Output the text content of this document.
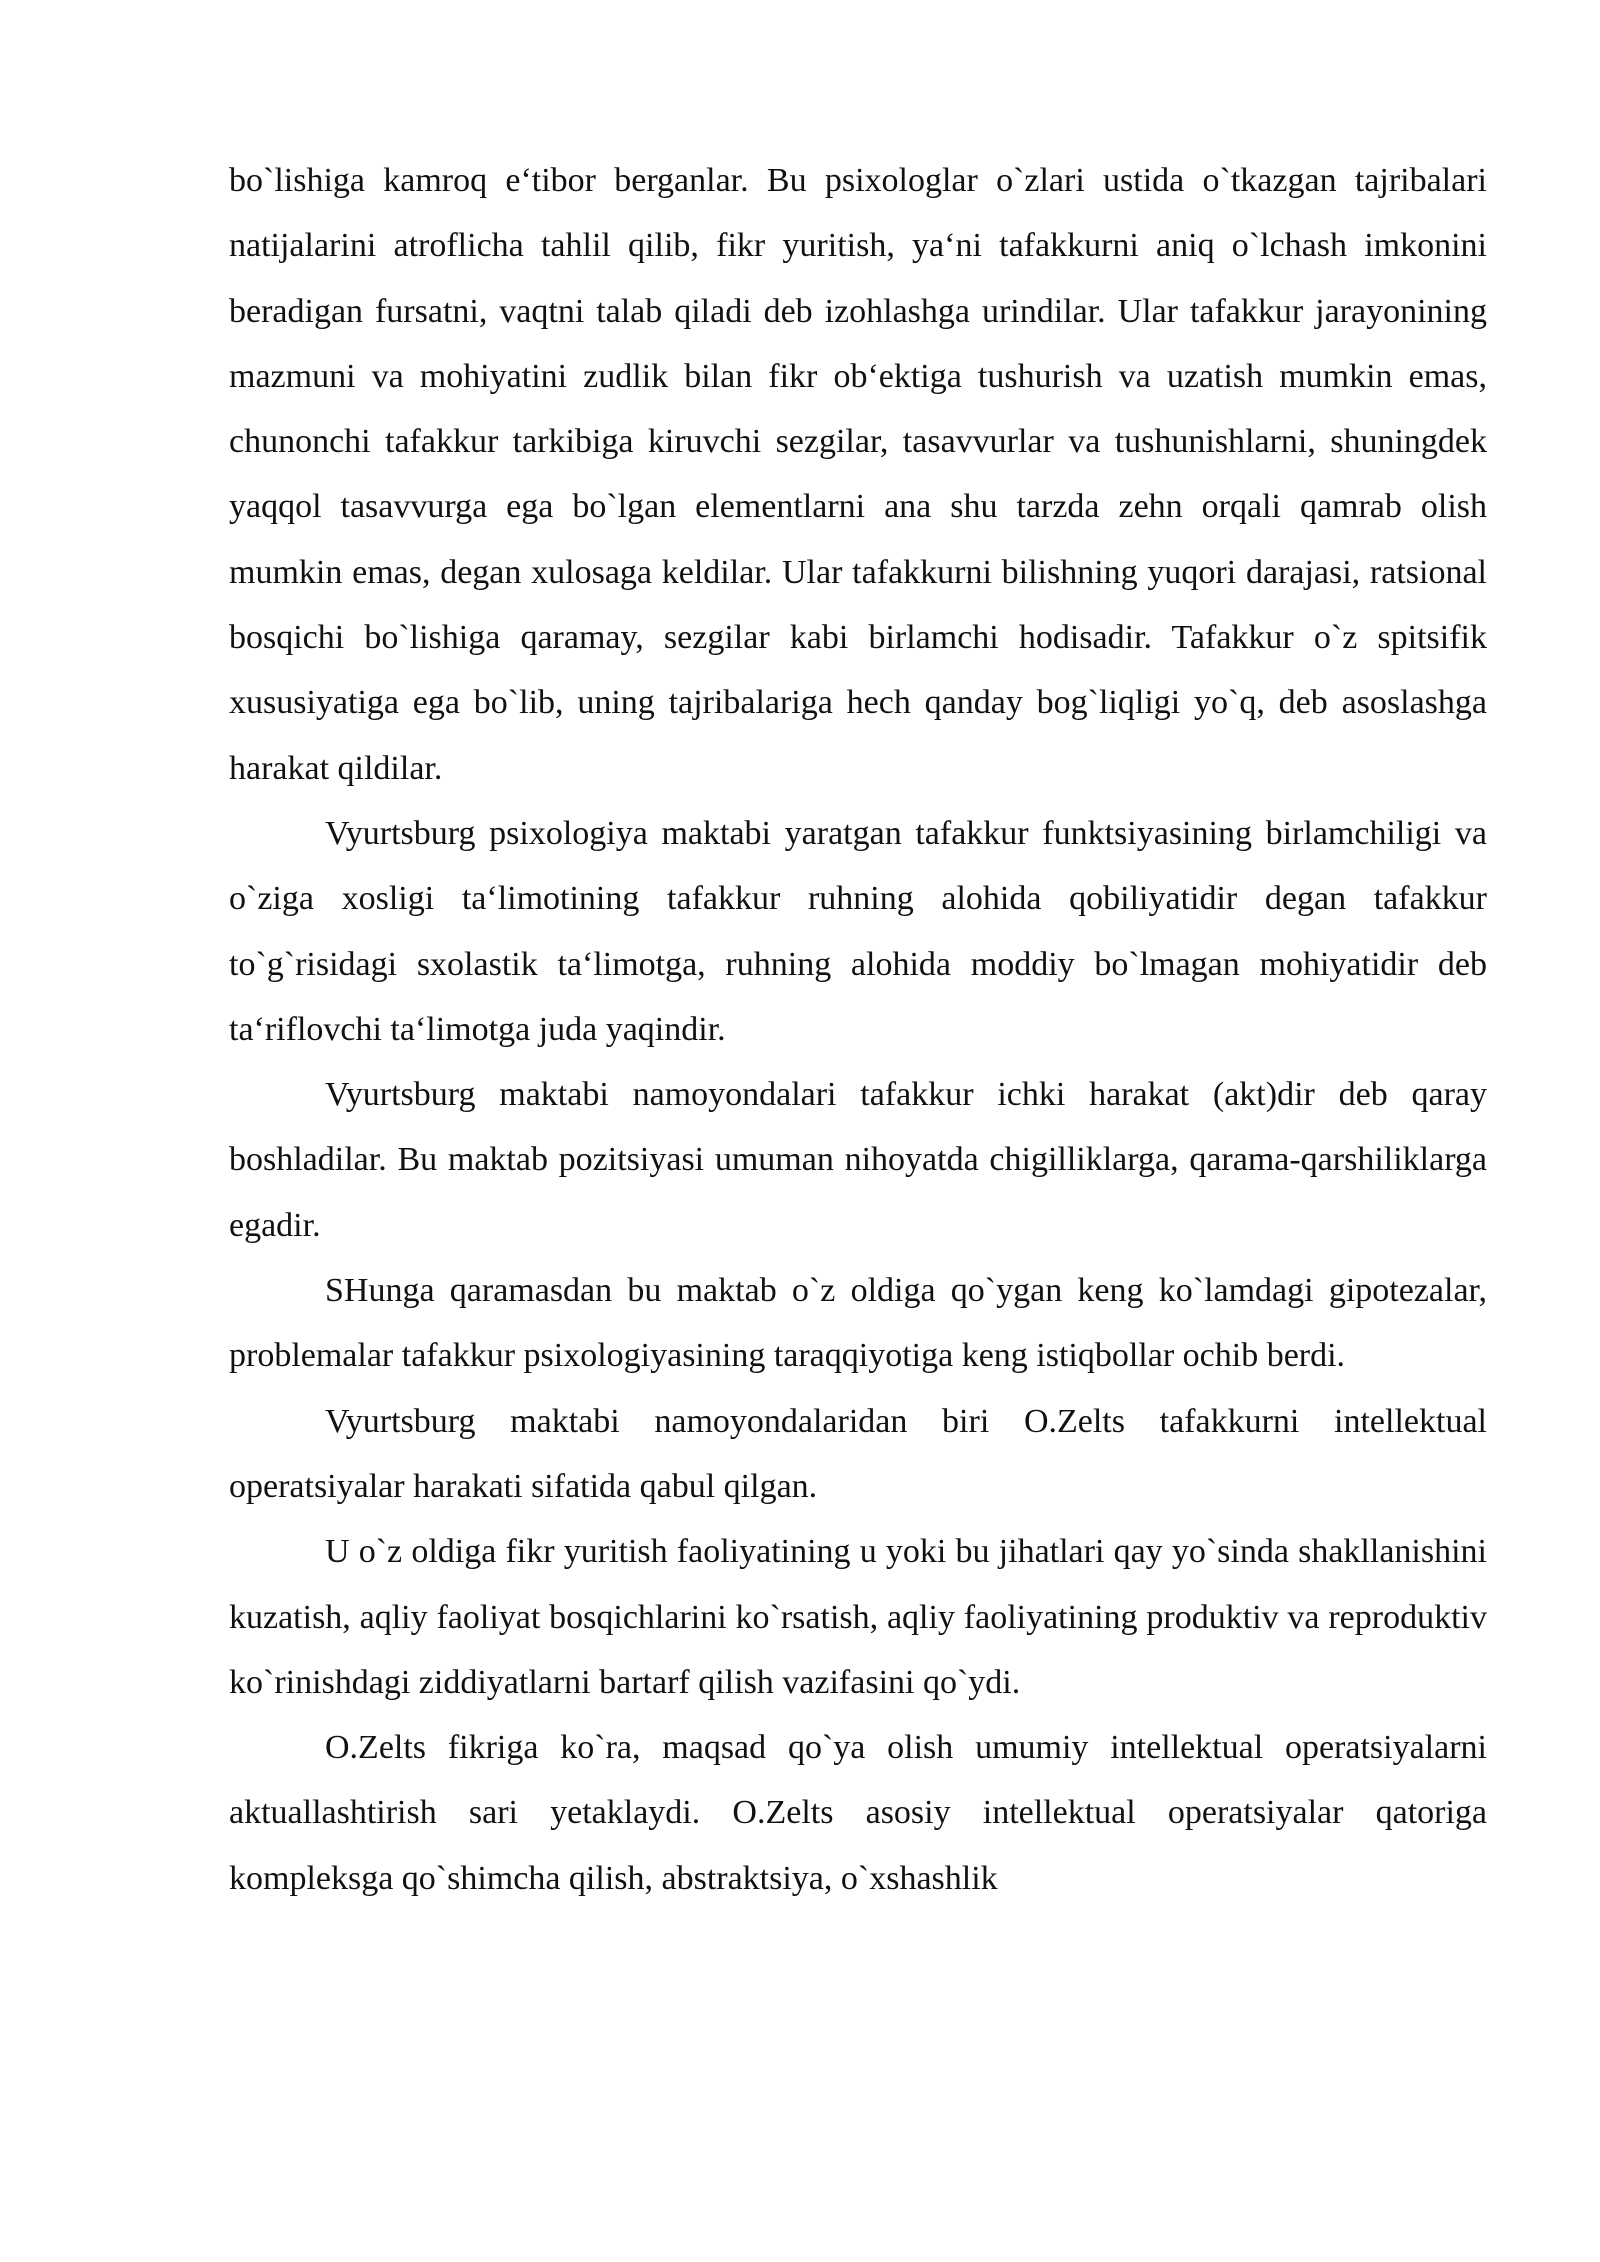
bo`lishiga kamroq e‘tibor berganlar. Bu psixologlar o`zlari ustida o`tkazgan tajribalari natijalarini atroflicha tahlil qilib, fikr yuritish, ya‘ni tafakkurni aniq o`lchash imkonini beradigan fursatni, vaqtni talab qiladi deb izohlashga urindilar. Ular tafakkur jarayonining mazmuni va mohiyatini zudlik bilan fikr ob‘ektiga tushurish va uzatish mumkin emas, chunonchi tafakkur tarkibiga kiruvchi sezgilar, tasavvurlar va tushunishlarni, shuningdek yaqqol tasavvurga ega bo`lgan elementlarni ana shu tarzda zehn orqali qamrab olish mumkin emas, degan xulosaga keldilar. Ular tafakkurni bilishning yuqori darajasi, ratsional bosqichi bo`lishiga qaramay, sezgilar kabi birlamchi hodisadir. Tafakkur o`z spitsifik xususiyatiga ega bo`lib, uning tajribalariga hech qanday bog`liqligi yo`q, deb asoslashga harakat qildilar.

Vyurtsburg psixologiya maktabi yaratgan tafakkur funktsiyasining birlamchiligi va o`ziga xosligi ta‘limotining tafakkur ruhning alohida qobiliyatidir degan tafakkur to`g`risidagi sxolastik ta‘limotga, ruhning alohida moddiy bo`lmagan mohiyatidir deb ta‘riflovchi ta‘limotga juda yaqindir.

Vyurtsburg maktabi namoyondalari tafakkur ichki harakat (akt)dir deb qaray boshladilar. Bu maktab pozitsiyasi umuman nihoyatda chigilliklarga, qarama-qarshiliklarga egadir.

SHunga qaramasdan bu maktab o`z oldiga qo`ygan keng ko`lamdagi gipotezalar, problemalar tafakkur psixologiyasining taraqqiyotiga keng istiqbollar ochib berdi.

Vyurtsburg maktabi namoyondalaridan biri O.Zelts tafakkurni intellektual operatsiyalar harakati sifatida qabul qilgan.

U o`z oldiga fikr yuritish faoliyatining u yoki bu jihatlari qay yo`sinda shakllanishini kuzatish, aqliy faoliyat bosqichlarini ko`rsatish, aqliy faoliyatining produktiv va reproduktiv ko`rinishdagi ziddiyatlarni bartarf qilish vazifasini qo`ydi.

O.Zelts fikriga ko`ra, maqsad qo`ya olish umumiy intellektual operatsiyalarni aktuallashtirish sari yetaklaydi. O.Zelts asosiy intellektual operatsiyalar qatoriga kompleksga qo`shimcha qilish, abstraktsiya, o`xshashlik
